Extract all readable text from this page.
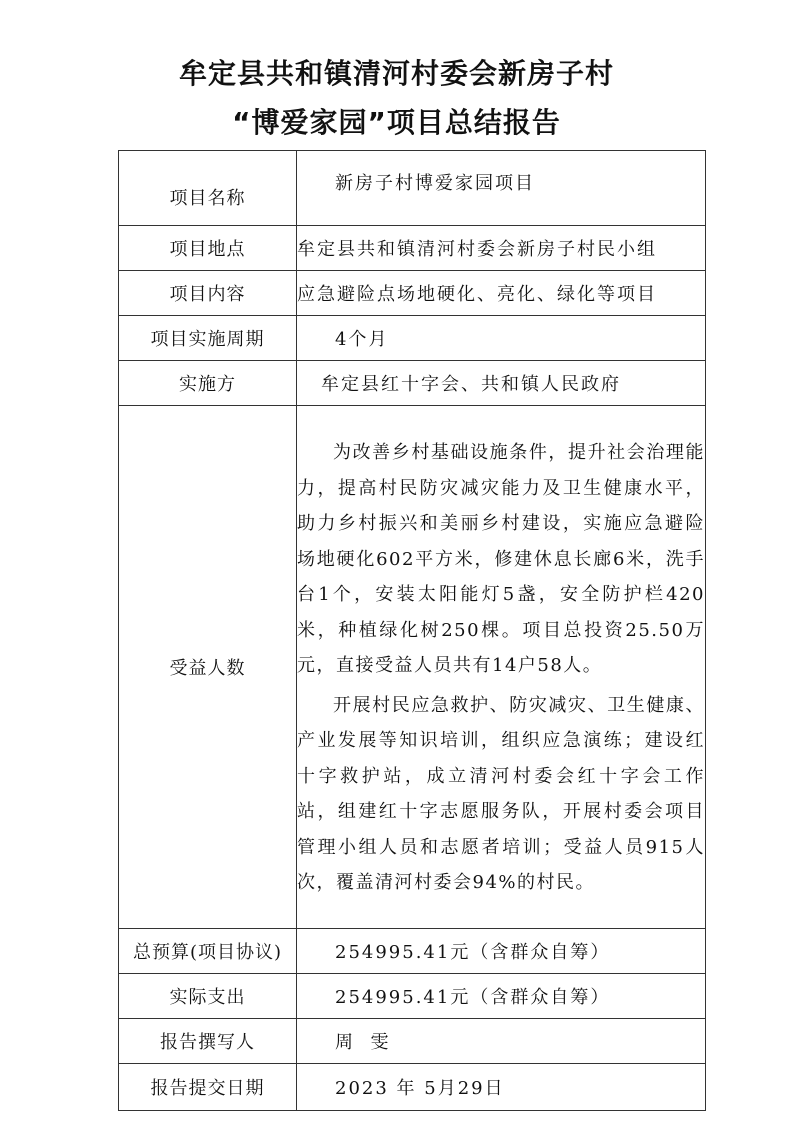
牟定县共和镇清河村委会新房子村
“博爱家园”项目总结报告
项目名称	新房子村博爱家园项目
项目地点	牟定县共和镇清河村委会新房子村民小组
项目内容	应急避险点场地硬化、亮化、绿化等项目
项目实施周期	4个月
实施方	牟定县红十字会、共和镇人民政府
受益人数	为改善乡村基础设施条件，提升社会治理能力，提高村民防灾减灾能力及卫生健康水平，助力乡村振兴和美丽乡村建设，实施应急避险场地硬化602平方米，修建休息长廊6米，洗手台1个，安装太阳能灯5盏，安全防护栏420米，种植绿化树250棵。项目总投资25.50万元，直接受益人员共有14户58人。

开展村民应急救护、防灾减灾、卫生健康、产业发展等知识培训，组织应急演练；建设红十字救护站，成立清河村委会红十字会工作站，组建红十字志愿服务队，开展村委会项目管理小组人员和志愿者培训；受益人员915人次，覆盖清河村委会94%的村民。

总预算(项目协议)	254995.41元（含群众自筹）
实际支出	254995.41元（含群众自筹）
报告撰写人	周  雯
报告提交日期	2023 年 5月29日
